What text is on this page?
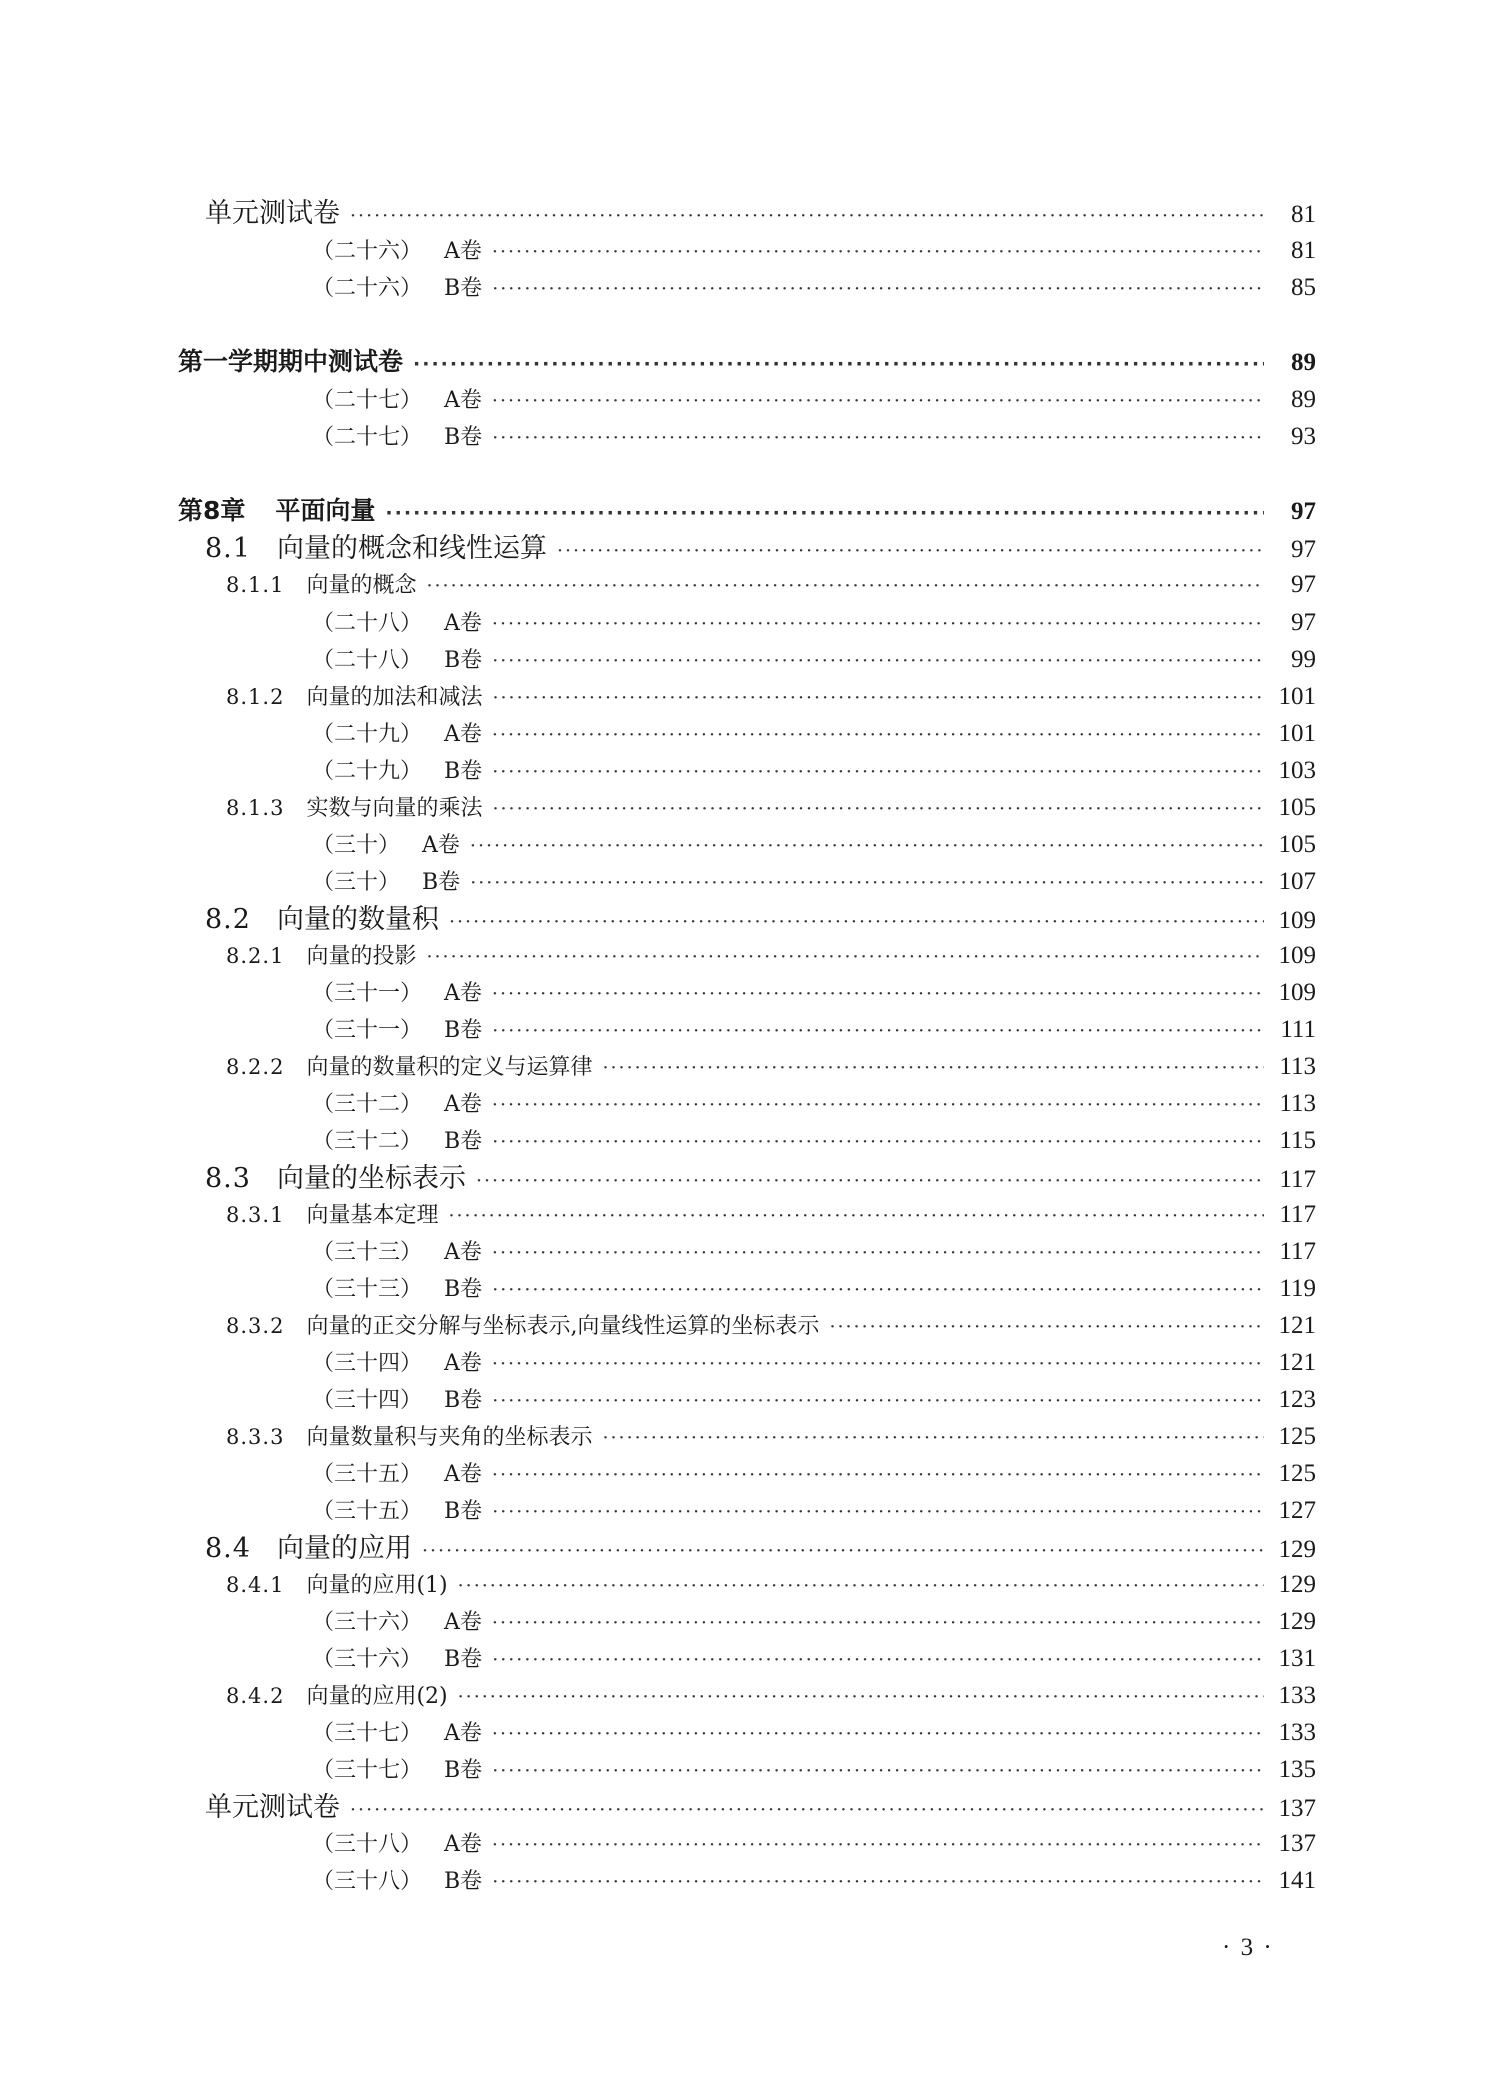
单元测试卷 ·····	81
（二十六） A卷 ·····	81
（二十六） B卷 ·····	85
第一学期期中测试卷 ·····	89
（二十七） A卷 ·····	89
（二十七） B卷 ·····	93
第8章 平面向量 ·····	97
8.1 向量的概念和线性运算 ·····	97
8.1.1 向量的概念 ·····	97
（二十八） A卷 ·····	97
（二十八） B卷 ·····	99
8.1.2 向量的加法和减法 ·····	101
（二十九） A卷 ·····	101
（二十九） B卷 ·····	103
8.1.3 实数与向量的乘法 ·····	105
（三十） A卷 ·····	105
（三十） B卷 ·····	107
8.2 向量的数量积 ·····	109
8.2.1 向量的投影 ·····	109
（三十一） A卷 ·····	109
（三十一） B卷 ·····	111
8.2.2 向量的数量积的定义与运算律 ·····	113
（三十二） A卷 ·····	113
（三十二） B卷 ·····	115
8.3 向量的坐标表示 ·····	117
8.3.1 向量基本定理 ·····	117
（三十三） A卷 ·····	117
（三十三） B卷 ·····	119
8.3.2 向量的正交分解与坐标表示,向量线性运算的坐标表示 ·····	121
（三十四） A卷 ·····	121
（三十四） B卷 ·····	123
8.3.3 向量数量积与夹角的坐标表示 ·····	125
（三十五） A卷 ·····	125
（三十五） B卷 ·····	127
8.4 向量的应用 ·····	129
8.4.1 向量的应用(1) ·····	129
（三十六） A卷 ·····	129
（三十六） B卷 ·····	131
8.4.2 向量的应用(2) ·····	133
（三十七） A卷 ·····	133
（三十七） B卷 ·····	135
单元测试卷 ·····	137
（三十八） A卷 ·····	137
（三十八） B卷 ·····	141
· 3 ·
